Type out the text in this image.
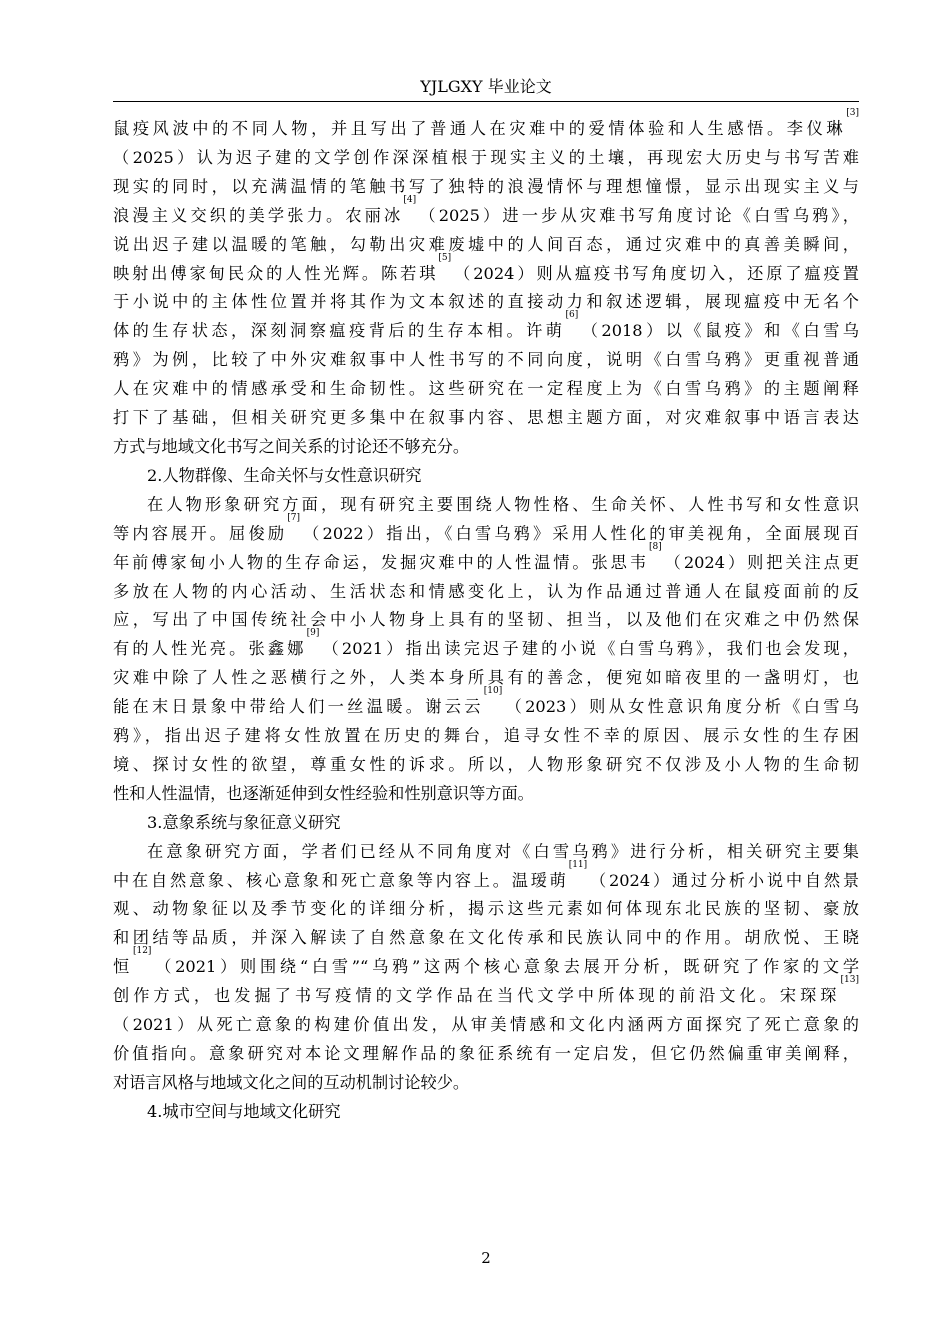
YJLGXY 毕业论文

鼠疫风波中的不同人物，并且写出了普通人在灾难中的爱情体验和人生感悟。李仪琳[3]
（2025）认为迟子建的文学创作深深植根于现实主义的土壤，再现宏大历史与书写苦难
现实的同时，以充满温情的笔触书写了独特的浪漫情怀与理想憧憬，显示出现实主义与
浪漫主义交织的美学张力。农丽冰[4]（2025）进一步从灾难书写角度讨论《白雪乌鸦》，
说出迟子建以温暖的笔触，勾勒出灾难废墟中的人间百态，通过灾难中的真善美瞬间，
映射出傅家甸民众的人性光辉。陈若琪[5]（2024）则从瘟疫书写角度切入，还原了瘟疫置
于小说中的主体性位置并将其作为文本叙述的直接动力和叙述逻辑，展现瘟疫中无名个
体的生存状态，深刻洞察瘟疫背后的生存本相。许萌[6]（2018）以《鼠疫》和《白雪乌
鸦》为例，比较了中外灾难叙事中人性书写的不同向度，说明《白雪乌鸦》更重视普通
人在灾难中的情感承受和生命韧性。这些研究在一定程度上为《白雪乌鸦》的主题阐释
打下了基础，但相关研究更多集中在叙事内容、思想主题方面，对灾难叙事中语言表达
方式与地域文化书写之间关系的讨论还不够充分。

2.人物群像、生命关怀与女性意识研究

在人物形象研究方面，现有研究主要围绕人物性格、生命关怀、人性书写和女性意识
等内容展开。屈俊励[7]（2022）指出，《白雪乌鸦》采用人性化的审美视角，全面展现百
年前傅家甸小人物的生存命运，发掘灾难中的人性温情。张思韦[8]（2024）则把关注点更
多放在人物的内心活动、生活状态和情感变化上，认为作品通过普通人在鼠疫面前的反
应，写出了中国传统社会中小人物身上具有的坚韧、担当，以及他们在灾难之中仍然保
有的人性光亮。张鑫娜[9]（2021）指出读完迟子建的小说《白雪乌鸦》，我们也会发现，
灾难中除了人性之恶横行之外，人类本身所具有的善念，便宛如暗夜里的一盏明灯，也
能在末日景象中带给人们一丝温暖。谢云云[10]（2023）则从女性意识角度分析《白雪乌
鸦》，指出迟子建将女性放置在历史的舞台，追寻女性不幸的原因、展示女性的生存困
境、探讨女性的欲望，尊重女性的诉求。所以，人物形象研究不仅涉及小人物的生命韧
性和人性温情，也逐渐延伸到女性经验和性别意识等方面。

3.意象系统与象征意义研究

在意象研究方面，学者们已经从不同角度对《白雪乌鸦》进行分析，相关研究主要集
中在自然意象、核心意象和死亡意象等内容上。温瑷萌[11]（2024）通过分析小说中自然景
观、动物象征以及季节变化的详细分析，揭示这些元素如何体现东北民族的坚韧、豪放
和团结等品质，并深入解读了自然意象在文化传承和民族认同中的作用。胡欣悦、王晓
恒[12]（2021）则围绕“白雪”“乌鸦”这两个核心意象去展开分析，既研究了作家的文学
创作方式，也发掘了书写疫情的文学作品在当代文学中所体现的前沿文化。宋琛琛[13]
（2021）从死亡意象的构建价值出发，从审美情感和文化内涵两方面探究了死亡意象的
价值指向。意象研究对本论文理解作品的象征系统有一定启发，但它仍然偏重审美阐释，
对语言风格与地域文化之间的互动机制讨论较少。

4.城市空间与地域文化研究

2
